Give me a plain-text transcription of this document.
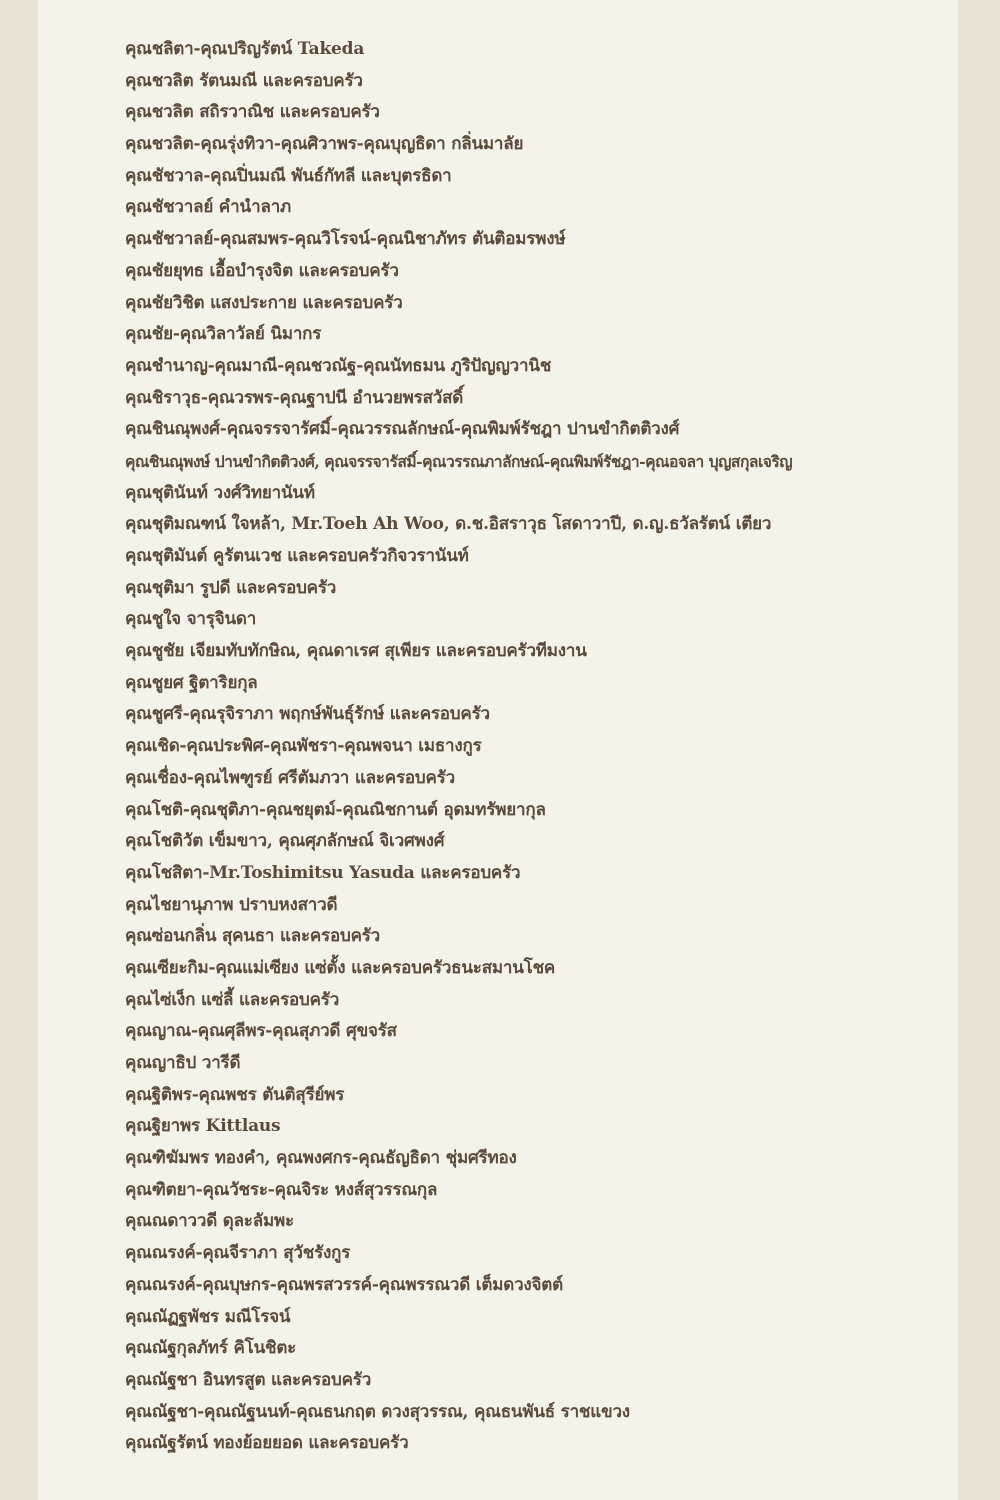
คุณชลิตา-คุณปริญรัตน์ Takeda
คุณชวลิต รัตนมณี และครอบครัว
คุณชวลิต สถิรวาณิช และครอบครัว
คุณชวลิต-คุณรุ่งทิวา-คุณศิวาพร-คุณบุญธิดา กลิ่นมาลัย
คุณชัชวาล-คุณปิ่นมณี พันธ์กัทลี และบุตรธิดา
คุณชัชวาลย์ คำนำลาภ
คุณชัชวาลย์-คุณสมพร-คุณวิโรจน์-คุณนิชาภัทร ตันติอมรพงษ์
คุณชัยยุทธ เอื้อบำรุงจิต และครอบครัว
คุณชัยวิชิต แสงประกาย และครอบครัว
คุณชัย-คุณวิลาวัลย์ นิมากร
คุณชำนาญ-คุณมาณี-คุณชวณัฐ-คุณนัทธมน ภูริปัญญวานิช
คุณชิราวุธ-คุณวรพร-คุณฐาปนี อำนวยพรสวัสดิ์
คุณชินณุพงศ์-คุณจรรจารัศมิ์-คุณวรรณลักษณ์-คุณพิมพ์รัชฎา ปานขำกิตติวงศ์
คุณชินณุพงษ์ ปานขำกิตติวงศ์, คุณจรรจารัสมิ์-คุณวรรณภาลักษณ์-คุณพิมพ์รัชฎา-คุณอจลา บุญสกุลเจริญ
คุณชุตินันท์ วงศ์วิทยานันท์
คุณชุติมณฑน์ ใจหล้า, Mr.Toeh Ah Woo, ด.ช.อิสราวุธ โสดาวาปี, ด.ญ.ธวัลรัตน์ เตียว
คุณชุติมันต์ คูรัตนเวช และครอบครัวกิจวรานันท์
คุณชุติมา รูปดี และครอบครัว
คุณชูใจ จารุจินดา
คุณชูชัย เจียมทับทักษิณ, คุณดาเรศ สุเพียร และครอบครัวทีมงาน
คุณชูยศ ฐิตาริยกุล
คุณชูศรี-คุณรุจิราภา พฤกษ์พันธุ์รักษ์ และครอบครัว
คุณเชิด-คุณประพิศ-คุณพัชรา-คุณพจนา เมธางกูร
คุณเชื่อง-คุณไพฑูรย์ ศรีตัมภวา และครอบครัว
คุณโชติ-คุณชุติภา-คุณชยุตม์-คุณณิชกานต์ อุดมทรัพยากุล
คุณโชติวัต เข็มขาว, คุณศุภลักษณ์ จิเวศพงศ์
คุณโชสิตา-Mr.Toshimitsu Yasuda และครอบครัว
คุณไชยานุภาพ ปราบหงสาวดี
คุณซ่อนกลิ่น สุคนธา และครอบครัว
คุณเซียะกิม-คุณแม่เซียง แซ่ตั้ง และครอบครัวธนะสมานโชค
คุณไซ่เง็ก แซ่ลี้ และครอบครัว
คุณญาณ-คุณศุลีพร-คุณสุภวดี ศุขจรัส
คุณญาธิป วารีดี
คุณฐิติพร-คุณพชร ตันติสุรีย์พร
คุณฐิยาพร Kittlaus
คุณฑิฆัมพร ทองคำ, คุณพงศกร-คุณธัญธิดา ชุ่มศรีทอง
คุณฑิตยา-คุณวัชระ-คุณจิระ หงส์สุวรรณกุล
คุณณดาววดี ดุละลัมพะ
คุณณรงค์-คุณจีราภา สุวัชรังกูร
คุณณรงค์-คุณบุษกร-คุณพรสวรรค์-คุณพรรณวดี เต็มดวงจิตต์
คุณณัฏฐพัชร มณีโรจน์
คุณณัฐกุลภัทร์ คิโนชิตะ
คุณณัฐชา อินทรสูต และครอบครัว
คุณณัฐชา-คุณณัฐนนท์-คุณธนกฤต ดวงสุวรรณ, คุณธนพันธ์ ราชแขวง
คุณณัฐรัตน์ ทองย้อยยอด และครอบครัว
